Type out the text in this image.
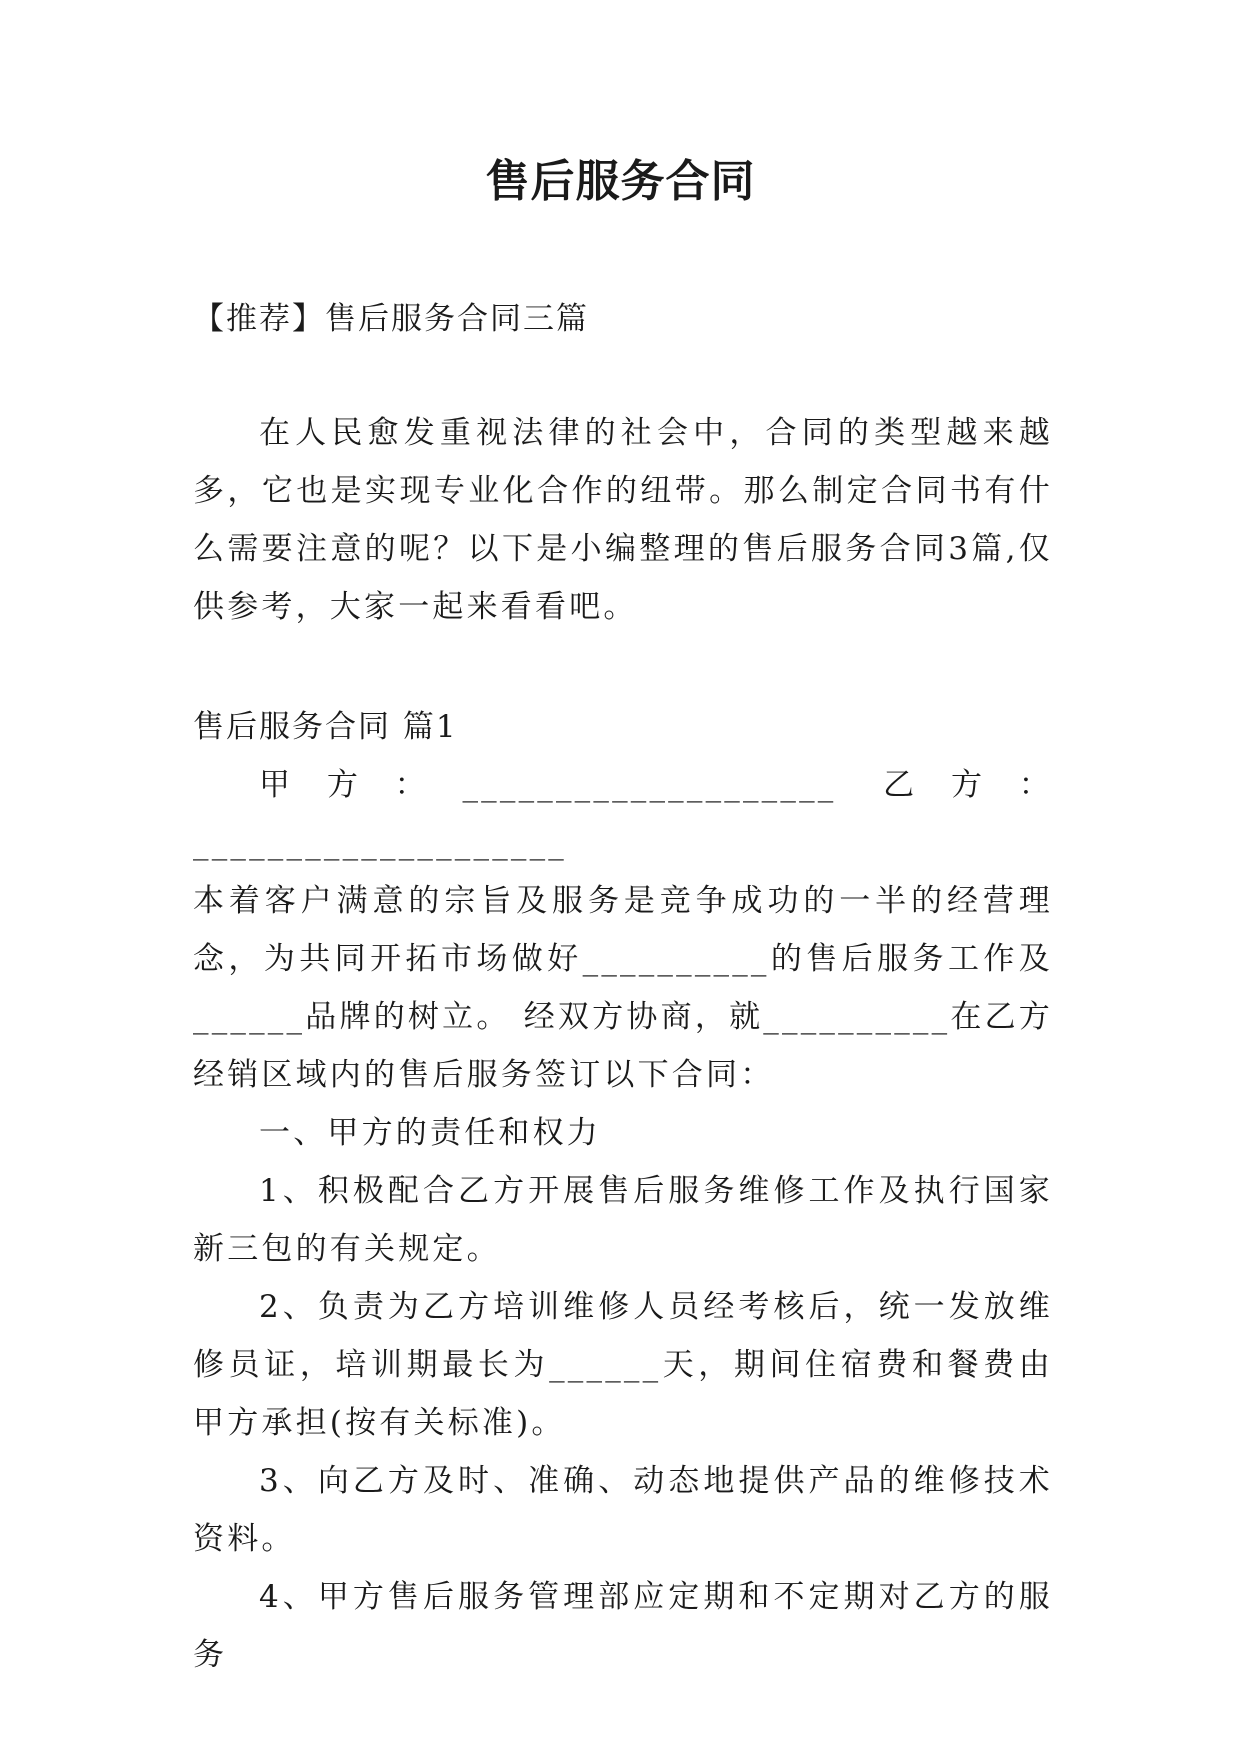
售后服务合同

【推荐】售后服务合同三篇

在人民愈发重视法律的社会中，合同的类型越来越多，它也是实现专业化合作的纽带。那么制定合同书有什么需要注意的呢？以下是小编整理的售后服务合同3篇,仅供参考，大家一起来看看吧。

售后服务合同 篇1

甲方：____________________ 乙方：____________________

本着客户满意的宗旨及服务是竞争成功的一半的经营理念，为共同开拓市场做好__________的售后服务工作及______品牌的树立。 经双方协商，就__________在乙方经销区域内的售后服务签订以下合同：

一、甲方的责任和权力

1、积极配合乙方开展售后服务维修工作及执行国家新三包的有关规定。

2、负责为乙方培训维修人员经考核后，统一发放维修员证，培训期最长为______天，期间住宿费和餐费由甲方承担(按有关标准)。

3、向乙方及时、准确、动态地提供产品的维修技术资料。

4、甲方售后服务管理部应定期和不定期对乙方的服务
